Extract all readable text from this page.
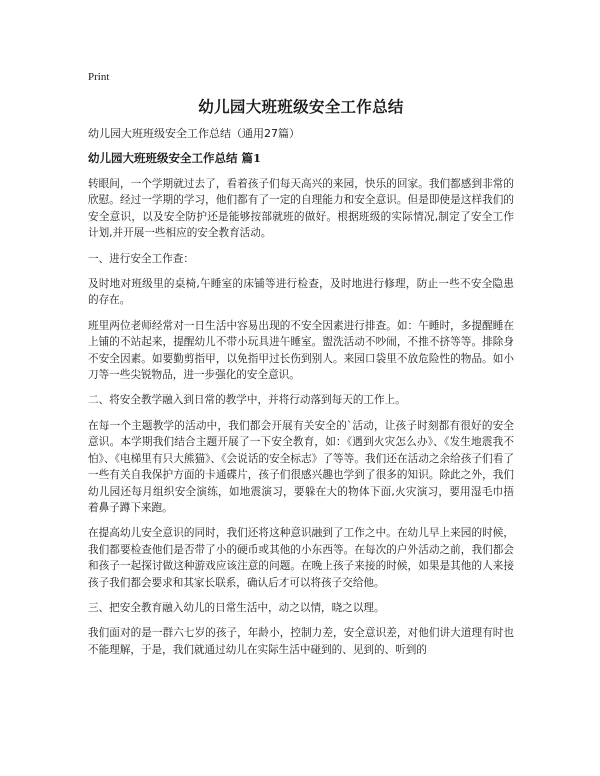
Print
幼儿园大班班级安全工作总结
幼儿园大班班级安全工作总结（通用27篇）
幼儿园大班班级安全工作总结 篇1

转眼间，一个学期就过去了，看着孩子们每天高兴的来园，快乐的回家。我们都感到非常的欣慰。经过一学期的学习，他们都有了一定的自理能力和安全意识。但是即使是这样我们的安全意识，以及安全防护还是能够按部就班的做好。根据班级的实际情况,制定了安全工作计划,并开展一些相应的安全教育活动。

一、进行安全工作查：

及时地对班级里的桌椅,午睡室的床铺等进行检查，及时地进行修理，防止一些不安全隐患的存在。

班里两位老师经常对一日生活中容易出现的不安全因素进行排查。如：午睡时，多提醒睡在上铺的不站起来，提醒幼儿不带小玩具进午睡室。盥洗活动不吵闹，不推不挤等等。排除身不安全因素。如要勤剪指甲，以免指甲过长伤到别人。来园口袋里不放危险性的物品。如小刀等一些尖锐物品，进一步强化的安全意识。

二、将安全教学融入到日常的教学中，并将行动落到每天的工作上。

在每一个主题教学的活动中，我们都会开展有关安全的`活动，让孩子时刻都有很好的安全意识。本学期我们结合主题开展了一下安全教育，如：《遇到火灾怎么办》、《发生地震我不怕》、《电梯里有只大熊猫》、《会说话的安全标志》了等等。我们还在活动之余给孩子们看了一些有关自我保护方面的卡通碟片，孩子们很感兴趣也学到了很多的知识。除此之外，我们幼儿园还每月组织安全演练，如地震演习，要躲在大的物体下面,火灾演习，要用湿毛巾捂着鼻子蹲下来跑。

在提高幼儿安全意识的同时，我们还将这种意识融到了工作之中。在幼儿早上来园的时候，我们都要检查他们是否带了小的硬币或其他的小东西等。在每次的户外活动之前，我们都会和孩子一起探讨做这种游戏应该注意的问题。在晚上孩子来接的时候，如果是其他的人来接孩子我们都会要求和其家长联系，确认后才可以将孩子交给他。

三、把安全教育融入幼儿的日常生活中，动之以情，晓之以理。

我们面对的是一群六七岁的孩子，年龄小，控制力差，安全意识差，对他们讲大道理有时也不能理解，于是，我们就通过幼儿在实际生活中碰到的、见到的、听到的
